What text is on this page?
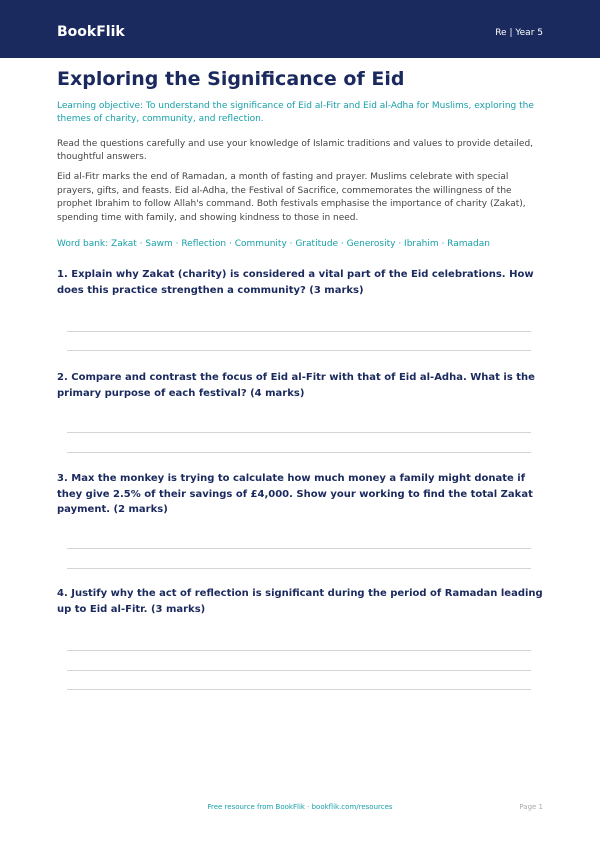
BookFlik	Re | Year 5
Exploring the Significance of Eid
Learning objective: To understand the significance of Eid al-Fitr and Eid al-Adha for Muslims, exploring the themes of charity, community, and reflection.
Read the questions carefully and use your knowledge of Islamic traditions and values to provide detailed, thoughtful answers.
Eid al-Fitr marks the end of Ramadan, a month of fasting and prayer. Muslims celebrate with special prayers, gifts, and feasts. Eid al-Adha, the Festival of Sacrifice, commemorates the willingness of the prophet Ibrahim to follow Allah's command. Both festivals emphasise the importance of charity (Zakat), spending time with family, and showing kindness to those in need.
Word bank: Zakat · Sawm · Reflection · Community · Gratitude · Generosity · Ibrahim · Ramadan
1. Explain why Zakat (charity) is considered a vital part of the Eid celebrations. How does this practice strengthen a community? (3 marks)
2. Compare and contrast the focus of Eid al-Fitr with that of Eid al-Adha. What is the primary purpose of each festival? (4 marks)
3. Max the monkey is trying to calculate how much money a family might donate if they give 2.5% of their savings of £4,000. Show your working to find the total Zakat payment. (2 marks)
4. Justify why the act of reflection is significant during the period of Ramadan leading up to Eid al-Fitr. (3 marks)
Free resource from BookFlik · bookflik.com/resources	Page 1
